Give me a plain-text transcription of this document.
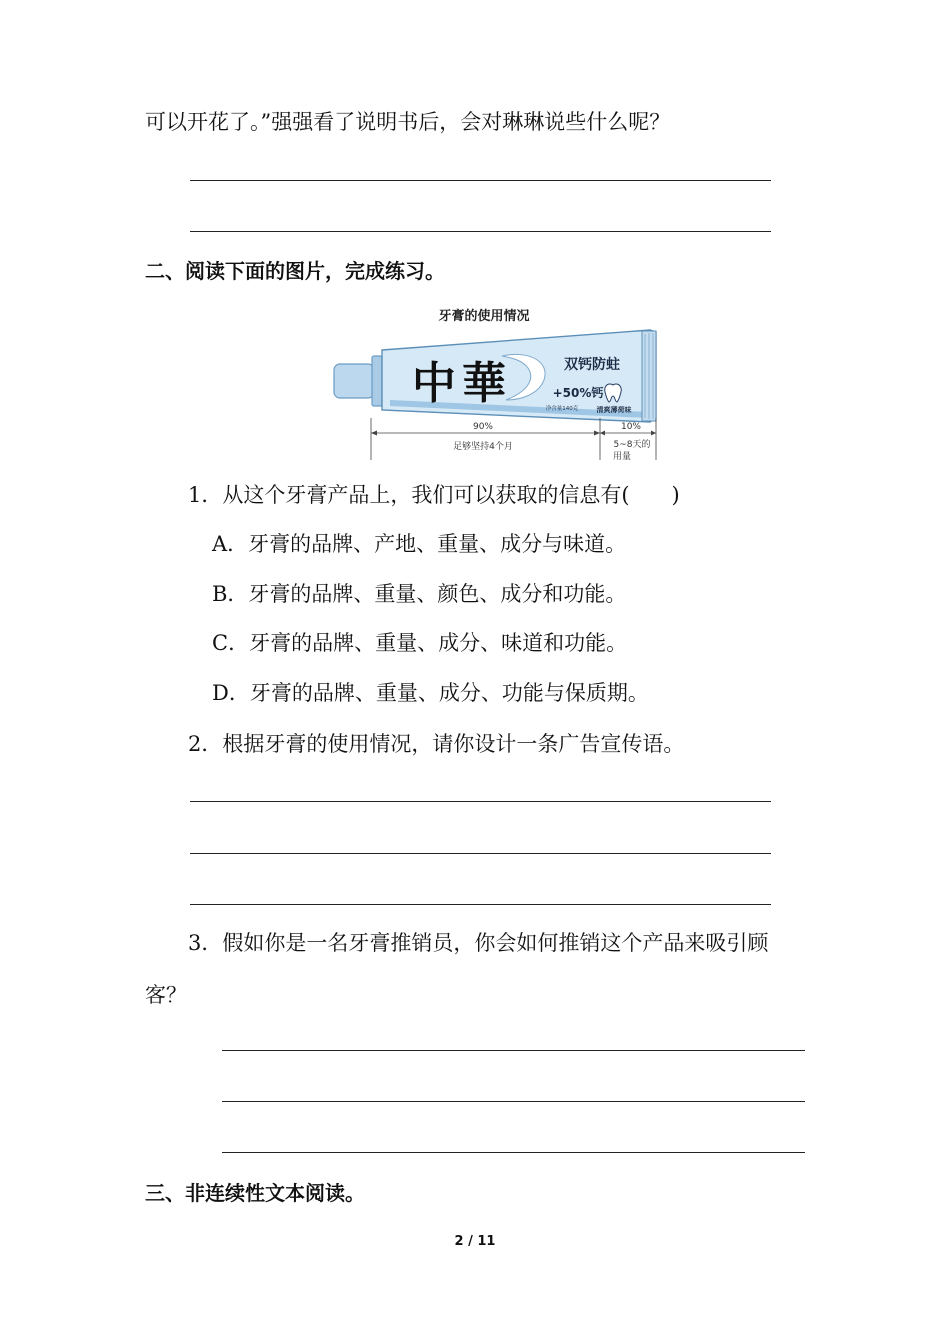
可以开花了。”强强看了说明书后，会对琳琳说些什么呢？
二、阅读下面的图片，完成练习。
牙膏的使用情况
中華	双钙防蛀
+50%钙
净含量140克	清爽薄荷味
90%
足够坚持4个月
10%
5~8天的
用量
1．从这个牙膏产品上，我们可以获取的信息有(　　)
A．牙膏的品牌、产地、重量、成分与味道。
B．牙膏的品牌、重量、颜色、成分和功能。
C．牙膏的品牌、重量、成分、味道和功能。
D．牙膏的品牌、重量、成分、功能与保质期。
2．根据牙膏的使用情况，请你设计一条广告宣传语。
3．假如你是一名牙膏推销员，你会如何推销这个产品来吸引顾
客？
三、非连续性文本阅读。
2 / 11
